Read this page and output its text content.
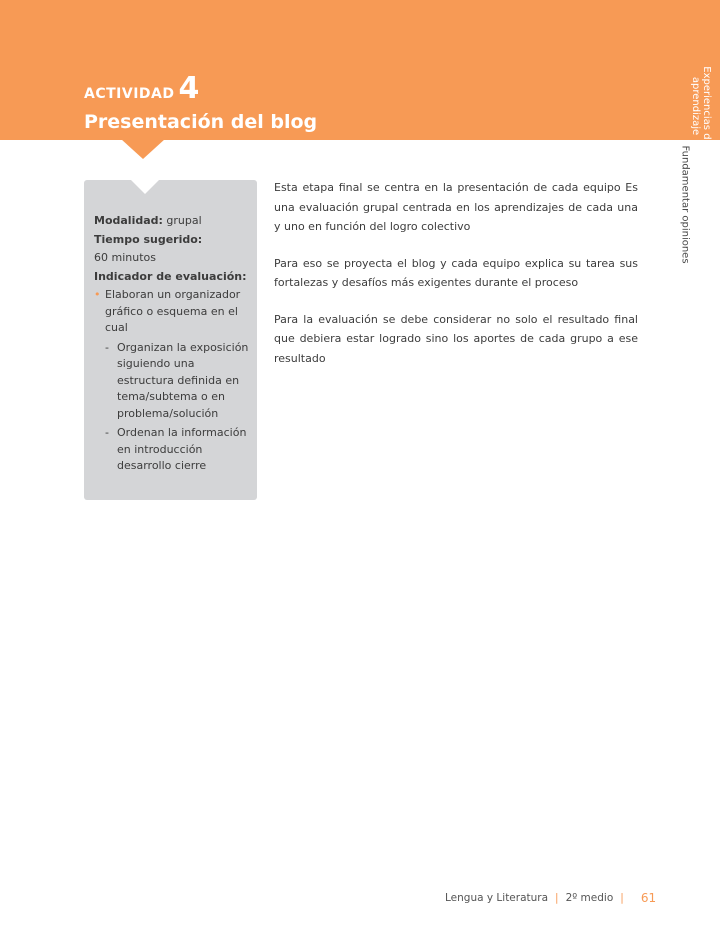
ACTIVIDAD 4
Presentación del blog	Experiencias de aprendizaje
Fundamentar opiniones
Modalidad: grupal
Tiempo sugerido:
60 minutos
Indicador de evaluación:
• Elaboran un organizador gráfico o esquema en el cual
- Organizan la exposición siguiendo una estructura definida en tema/subtema o en problema/solución
- Ordenan la información en introducción desarrollo cierre

Esta etapa final se centra en la presentación de cada equipo Es una evaluación grupal centrada en los aprendizajes de cada una y uno en función del logro colectivo

Para eso se proyecta el blog y cada equipo explica su tarea sus fortalezas y desafíos más exigentes durante el proceso

Para la evaluación se debe considerar no solo el resultado final que debiera estar logrado sino los aportes de cada grupo a ese resultado

Lengua y Literatura | 2º medio | 61
